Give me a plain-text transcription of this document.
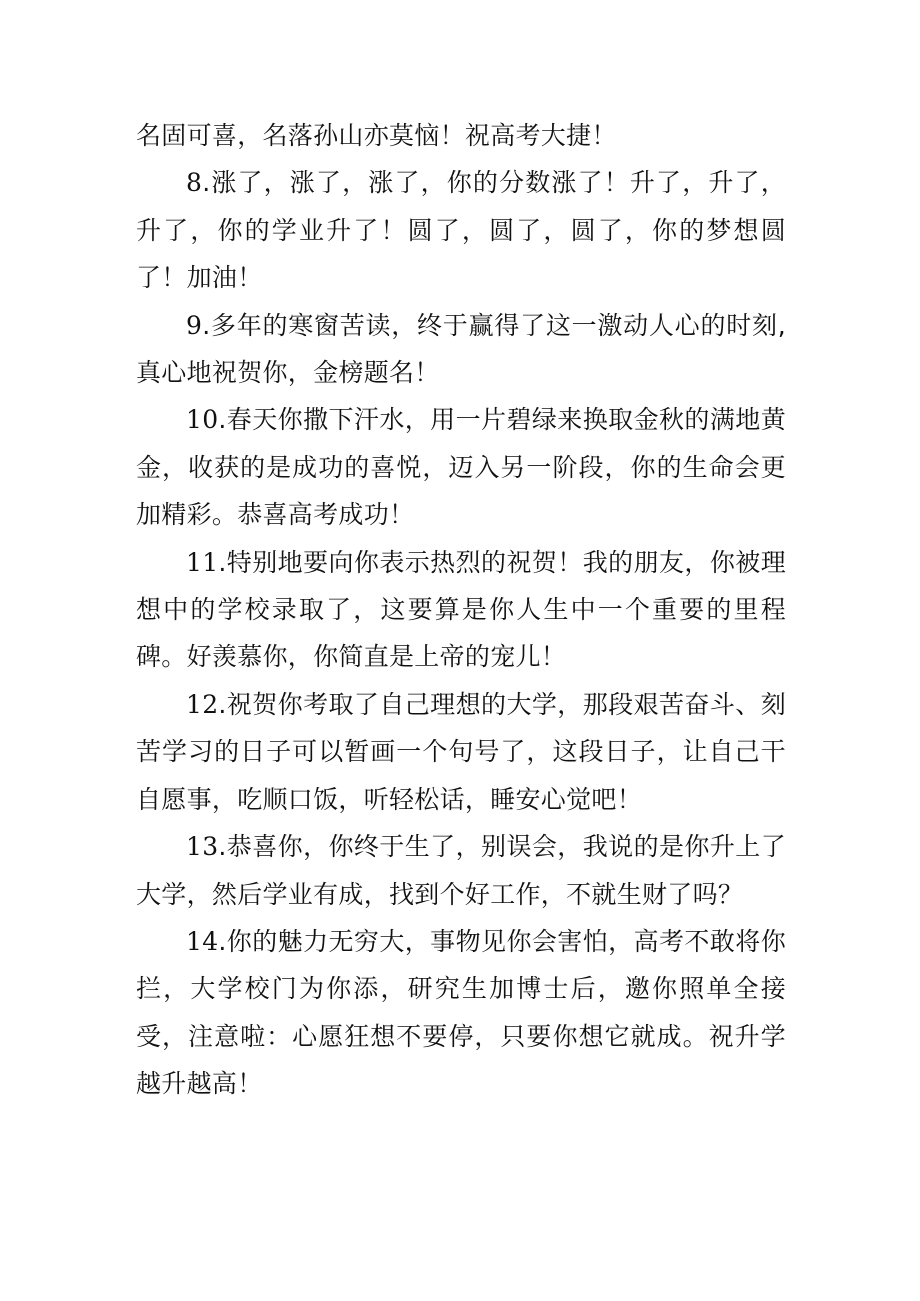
名固可喜，名落孙山亦莫恼！祝高考大捷！

8.涨了，涨了，涨了，你的分数涨了！升了，升了，升了，你的学业升了！圆了，圆了，圆了，你的梦想圆了！加油！

9.多年的寒窗苦读，终于赢得了这一激动人心的时刻,真心地祝贺你，金榜题名！

10.春天你撒下汗水，用一片碧绿来换取金秋的满地黄金，收获的是成功的喜悦，迈入另一阶段，你的生命会更加精彩。恭喜高考成功！

11.特别地要向你表示热烈的祝贺！我的朋友，你被理想中的学校录取了，这要算是你人生中一个重要的里程碑。好羡慕你，你简直是上帝的宠儿！

12.祝贺你考取了自己理想的大学，那段艰苦奋斗、刻苦学习的日子可以暂画一个句号了，这段日子，让自己干自愿事，吃顺口饭，听轻松话，睡安心觉吧！

13.恭喜你，你终于生了，别误会，我说的是你升上了大学，然后学业有成，找到个好工作，不就生财了吗？

14.你的魅力无穷大，事物见你会害怕，高考不敢将你拦，大学校门为你添，研究生加博士后，邀你照单全接受，注意啦：心愿狂想不要停，只要你想它就成。祝升学越升越高！
